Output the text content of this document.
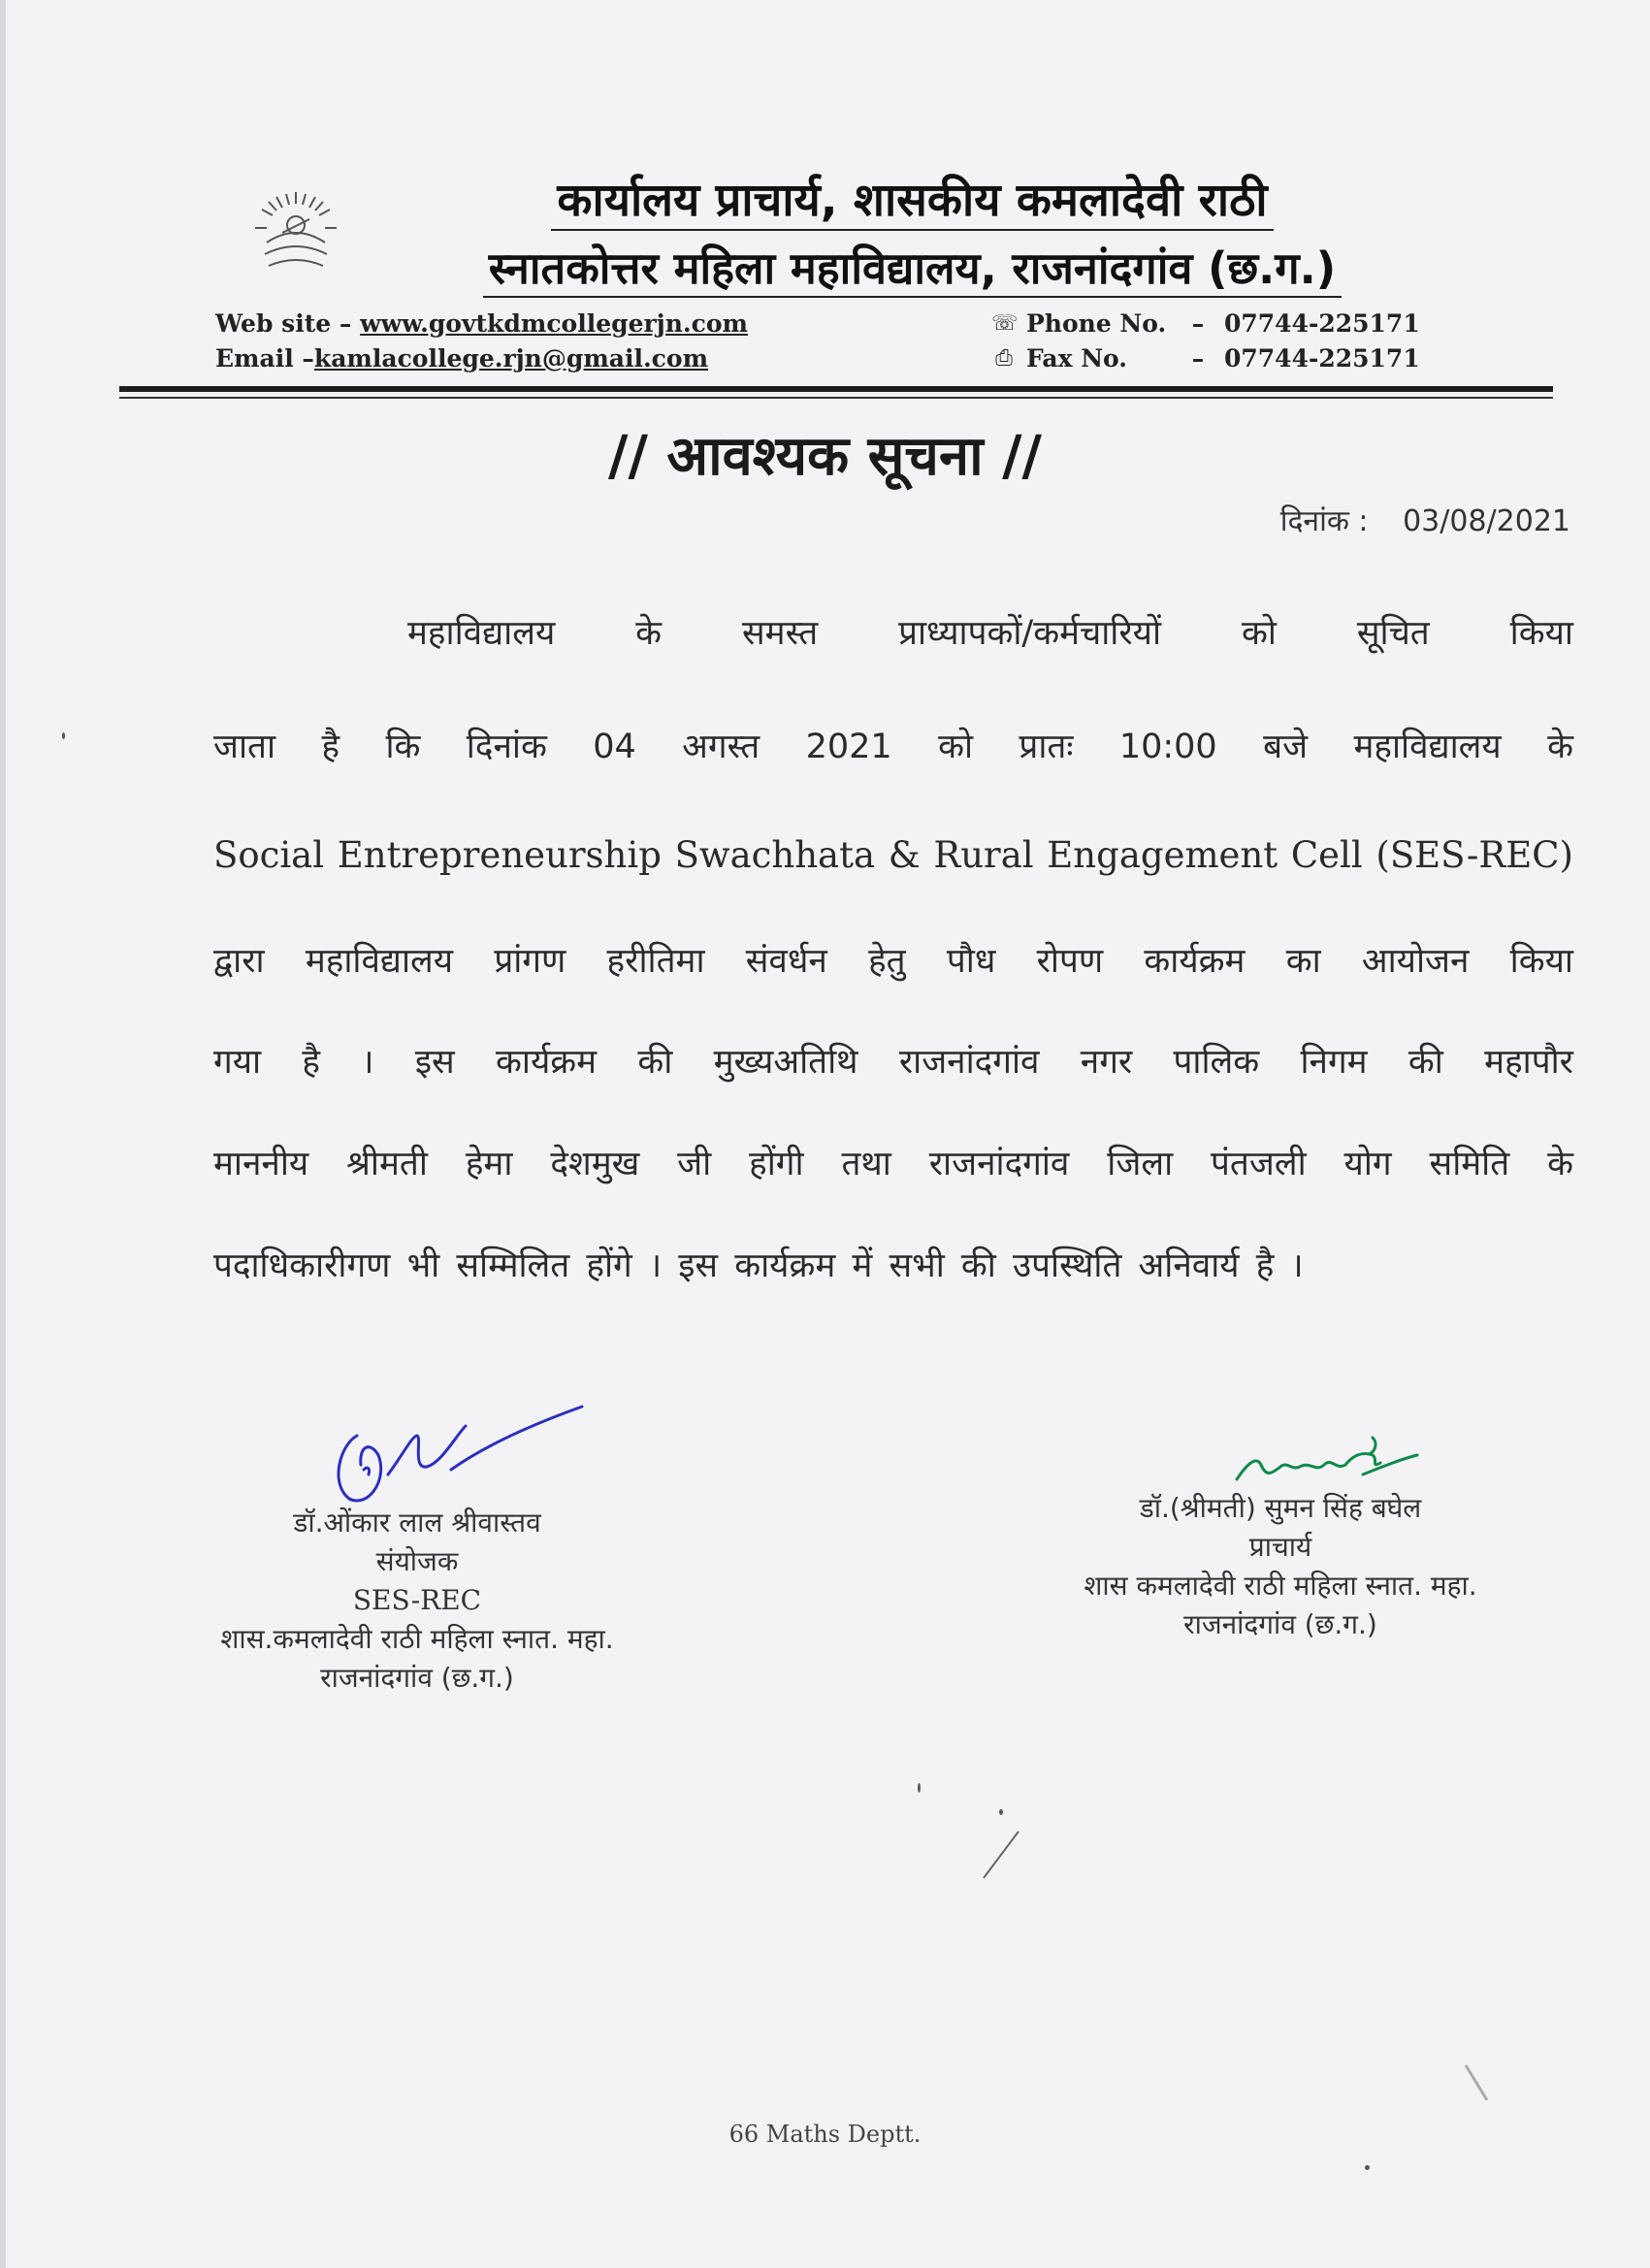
कार्यालय प्राचार्य, शासकीय कमलादेवी राठी
स्नातकोत्तर महिला महाविद्यालय, राजनांदगांव (छ.ग.)
Web site – www.govtkdmcollegerjn.com
Email –kamlacollege.rjn@gmail.com
☏ Phone No.	– 07744-225171
⎙ Fax No.	– 07744-225171
// आवश्यक सूचना //
दिनांक : 03/08/2021
महाविद्यालय के समस्त प्राध्यापकों/कर्मचारियों को सूचित किया
जाता है कि दिनांक 04 अगस्त 2021 को प्रातः 10:00 बजे महाविद्यालय के
Social Entrepreneurship Swachhata & Rural Engagement Cell (SES-REC)
द्वारा महाविद्यालय प्रांगण हरीतिमा संवर्धन हेतु पौध रोपण कार्यक्रम का आयोजन किया
गया है । इस कार्यक्रम की मुख्यअतिथि राजनांदगांव नगर पालिक निगम की महापौर
माननीय श्रीमती हेमा देशमुख जी होंगी तथा राजनांदगांव जिला पंतजली योग समिति के
पदाधिकारीगण भी सम्मिलित होंगे । इस कार्यक्रम में सभी की उपस्थिति अनिवार्य है ।
डॉ.ओंकार लाल श्रीवास्तव
संयोजक
SES-REC
शास.कमलादेवी राठी महिला स्नात. महा.
राजनांदगांव (छ.ग.)
डॉ.(श्रीमती) सुमन सिंह बघेल
प्राचार्य
शास कमलादेवी राठी महिला स्नात. महा.
राजनांदगांव (छ.ग.)
66 Maths Deptt.
